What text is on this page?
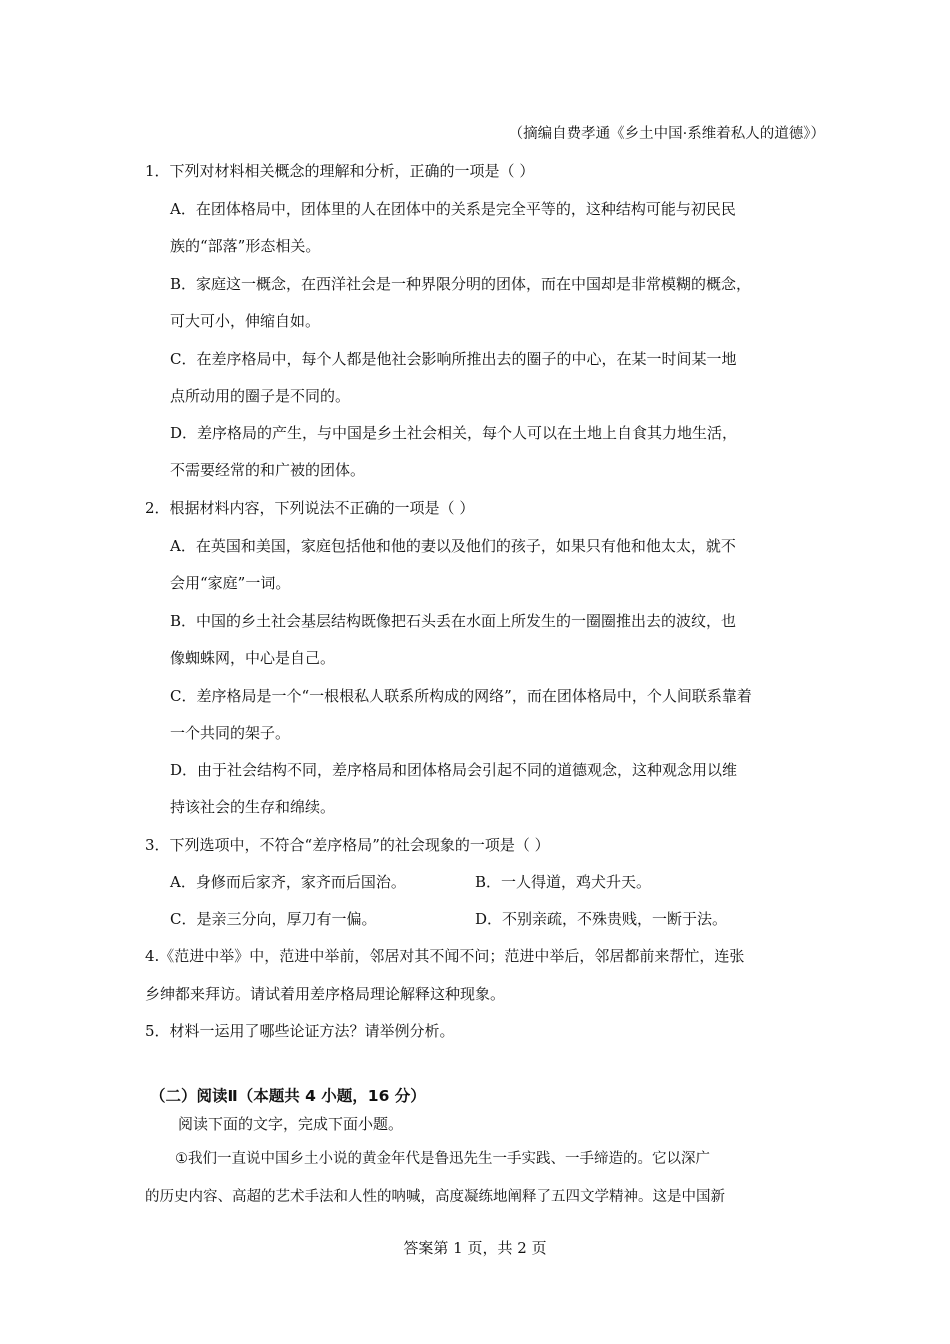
（摘编自费孝通《乡土中国·系维着私人的道德》）
1．下列对材料相关概念的理解和分析，正确的一项是（ ）
A．在团体格局中，团体里的人在团体中的关系是完全平等的，这种结构可能与初民民
族的“部落”形态相关。
B．家庭这一概念，在西洋社会是一种界限分明的团体，而在中国却是非常模糊的概念，
可大可小，伸缩自如。
C．在差序格局中，每个人都是他社会影响所推出去的圈子的中心，在某一时间某一地
点所动用的圈子是不同的。
D．差序格局的产生，与中国是乡土社会相关，每个人可以在土地上自食其力地生活，
不需要经常的和广被的团体。
2．根据材料内容，下列说法不正确的一项是（ ）
A．在英国和美国，家庭包括他和他的妻以及他们的孩子，如果只有他和他太太，就不
会用“家庭”一词。
B．中国的乡土社会基层结构既像把石头丢在水面上所发生的一圈圈推出去的波纹，也
像蜘蛛网，中心是自己。
C．差序格局是一个“一根根私人联系所构成的网络”，而在团体格局中，个人间联系靠着
一个共同的架子。
D．由于社会结构不同，差序格局和团体格局会引起不同的道德观念，这种观念用以维
持该社会的生存和绵续。
3．下列选项中，不符合“差序格局”的社会现象的一项是（ ）
A．身修而后家齐，家齐而后国治。	B．一人得道，鸡犬升天。
C．是亲三分向，厚刀有一偏。	D．不别亲疏，不殊贵贱，一断于法。
4.《范进中举》中，范进中举前，邻居对其不闻不问；范进中举后，邻居都前来帮忙，连张
乡绅都来拜访。请试着用差序格局理论解释这种现象。
5．材料一运用了哪些论证方法？请举例分析。
（二）阅读Ⅱ（本题共 4 小题，16 分）
阅读下面的文字，完成下面小题。
①我们一直说中国乡土小说的黄金年代是鲁迅先生一手实践、一手缔造的。它以深广
的历史内容、高超的艺术手法和人性的呐喊，高度凝练地阐释了五四文学精神。这是中国新
答案第 1 页，共 2 页
